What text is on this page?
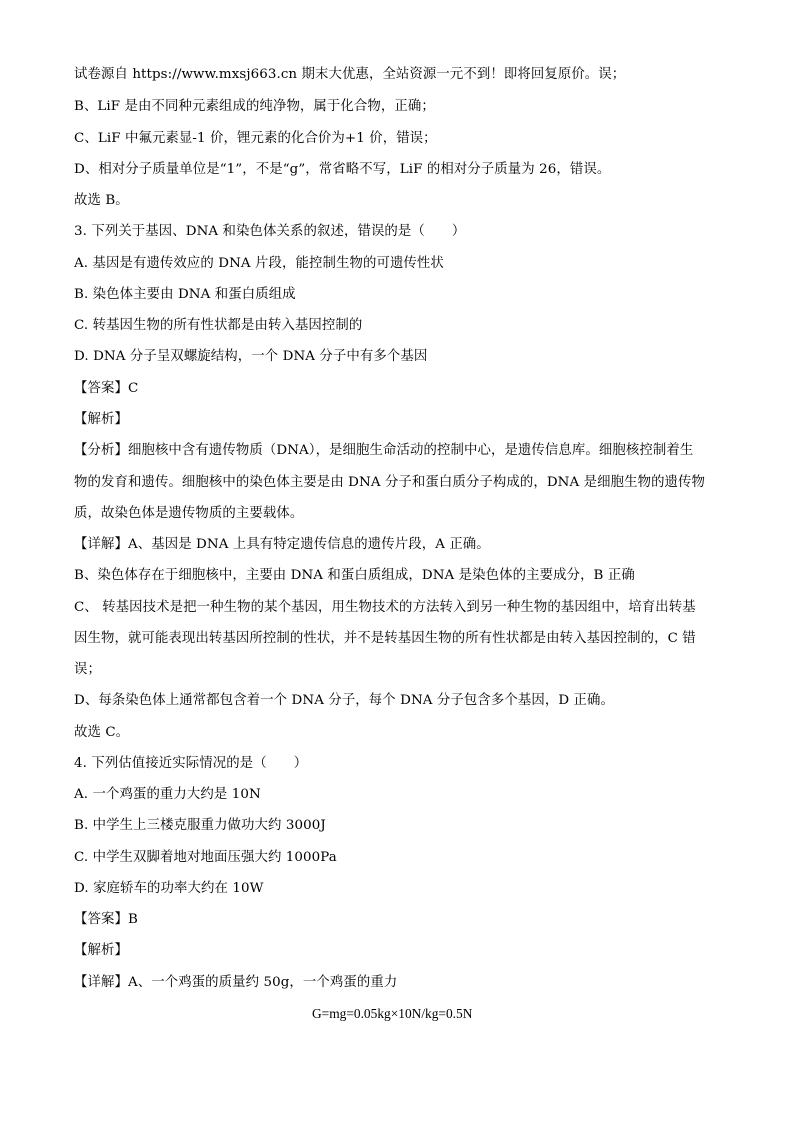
试卷源自 https://www.mxsj663.cn 期末大优惠，全站资源一元不到！即将回复原价。误；
B、LiF 是由不同种元素组成的纯净物，属于化合物，正确；
C、LiF 中氟元素显-1 价，锂元素的化合价为+1 价，错误；
D、相对分子质量单位是“1”，不是“g”，常省略不写，LiF 的相对分子质量为 26，错误。
故选 B。
3. 下列关于基因、DNA 和染色体关系的叙述，错误的是（　　）
A. 基因是有遗传效应的 DNA 片段，能控制生物的可遗传性状
B. 染色体主要由 DNA 和蛋白质组成
C. 转基因生物的所有性状都是由转入基因控制的
D. DNA 分子呈双螺旋结构，一个 DNA 分子中有多个基因
【答案】C
【解析】
【分析】细胞核中含有遗传物质（DNA），是细胞生命活动的控制中心，是遗传信息库。细胞核控制着生
物的发育和遗传。细胞核中的染色体主要是由 DNA 分子和蛋白质分子构成的，DNA 是细胞生物的遗传物
质，故染色体是遗传物质的主要载体。
【详解】A、基因是 DNA 上具有特定遗传信息的遗传片段，A 正确。
B、染色体存在于细胞核中，主要由 DNA 和蛋白质组成，DNA 是染色体的主要成分，B 正确
C、 转基因技术是把一种生物的某个基因，用生物技术的方法转入到另一种生物的基因组中，培育出转基
因生物，就可能表现出转基因所控制的性状，并不是转基因生物的所有性状都是由转入基因控制的，C 错
误；
D、每条染色体上通常都包含着一个 DNA 分子，每个 DNA 分子包含多个基因，D 正确。
故选 C。
4. 下列估值接近实际情况的是（　　）
A. 一个鸡蛋的重力大约是 10N
B. 中学生上三楼克服重力做功大约 3000J
C. 中学生双脚着地对地面压强大约 1000Pa
D. 家庭轿车的功率大约在 10W
【答案】B
【解析】
【详解】A、一个鸡蛋的质量约 50g，一个鸡蛋的重力
G=mg=0.05kg×10N/kg=0.5N
